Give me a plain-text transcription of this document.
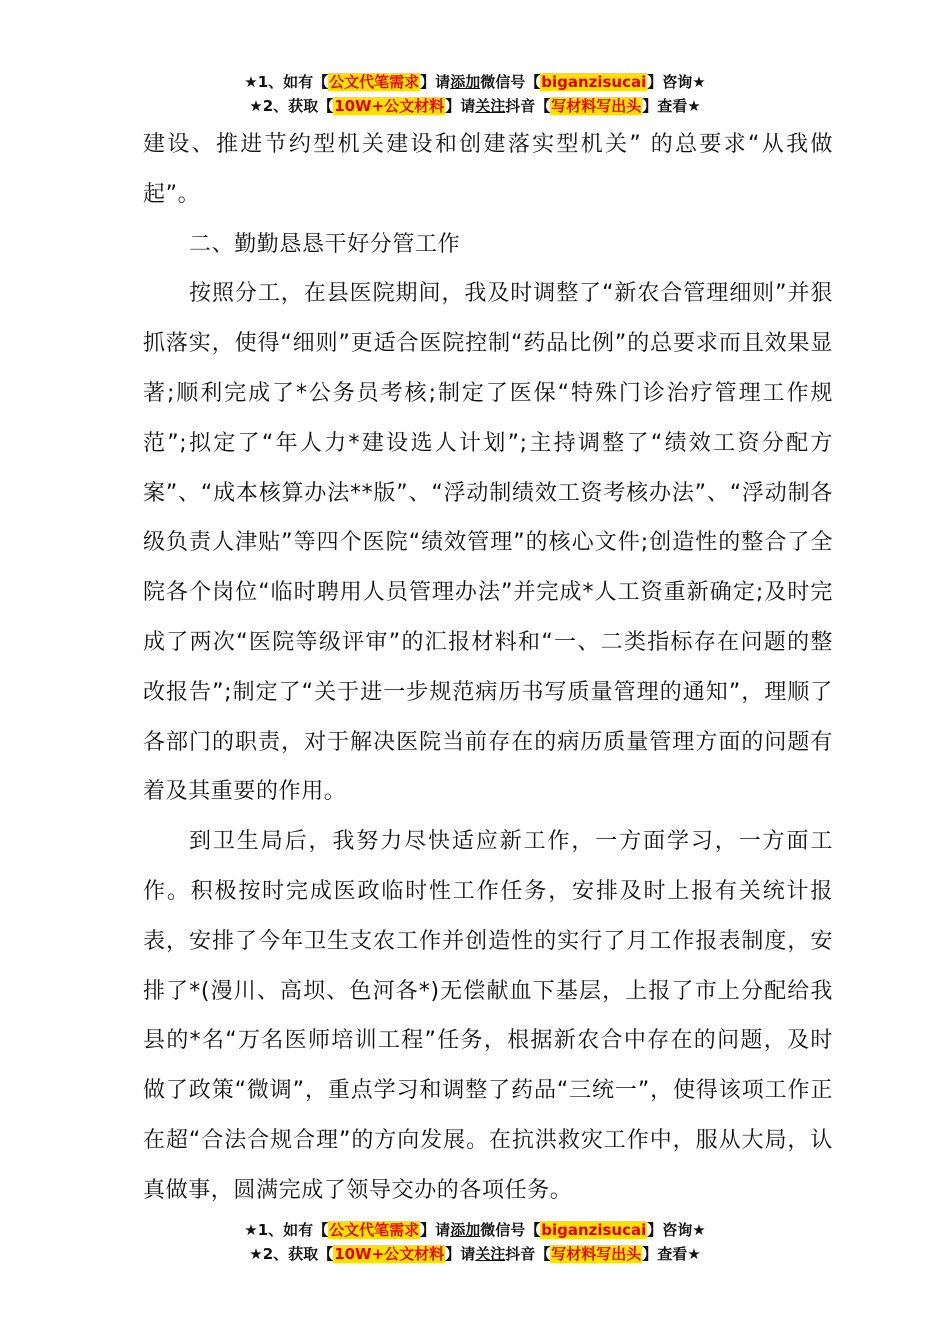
★1、如有【公文代笔需求】请添加微信号【biganzisucai】咨询★
★2、获取【10W+公文材料】请关注抖音【写材料写出头】查看★

建设、推进节约型机关建设和创建落实型机关” 的总要求“从我做起”。

二、勤勤恳恳干好分管工作

按照分工，在县医院期间，我及时调整了“新农合管理细则”并狠抓落实，使得“细则”更适合医院控制“药品比例”的总要求而且效果显著;顺利完成了*公务员考核;制定了医保“特殊门诊治疗管理工作规范”;拟定了“年人力*建设选人计划”;主持调整了“绩效工资分配方案”、“成本核算办法**版”、“浮动制绩效工资考核办法”、“浮动制各级负责人津贴”等四个医院“绩效管理”的核心文件;创造性的整合了全院各个岗位“临时聘用人员管理办法”并完成*人工资重新确定;及时完成了两次“医院等级评审”的汇报材料和“一、二类指标存在问题的整改报告”;制定了“关于进一步规范病历书写质量管理的通知”，理顺了各部门的职责，对于解决医院当前存在的病历质量管理方面的问题有着及其重要的作用。

到卫生局后，我努力尽快适应新工作，一方面学习，一方面工作。积极按时完成医政临时性工作任务，安排及时上报有关统计报表，安排了今年卫生支农工作并创造性的实行了月工作报表制度，安排了*(漫川、高坝、色河各*)无偿献血下基层，上报了市上分配给我县的*名“万名医师培训工程”任务，根据新农合中存在的问题，及时做了政策“微调”，重点学习和调整了药品“三统一”，使得该项工作正在超“合法合规合理”的方向发展。在抗洪救灾工作中，服从大局，认真做事，圆满完成了领导交办的各项任务。

★1、如有【公文代笔需求】请添加微信号【biganzisucai】咨询★
★2、获取【10W+公文材料】请关注抖音【写材料写出头】查看★
